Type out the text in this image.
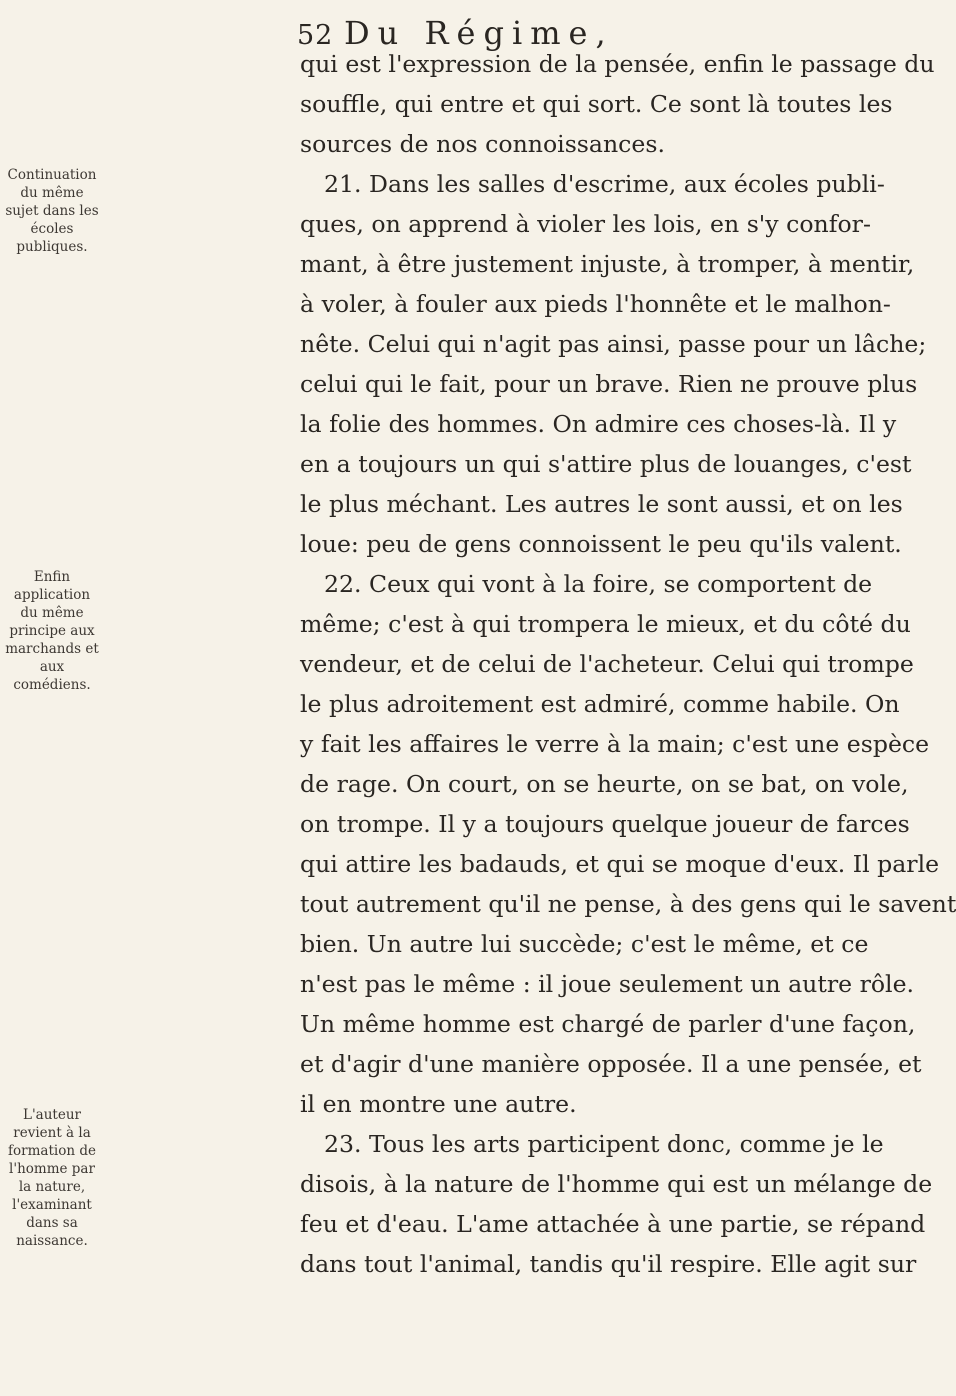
52 Du Régime,
Continuation du même sujet dans les écoles publiques.
Enfin application du même principe aux marchands et aux comédiens.
L'auteur revient à la formation de l'homme par la nature, l'examinant dans sa naissance.
qui est l'expression de la pensée, enfin le passage du
souffle, qui entre et qui sort. Ce sont là toutes les
sources de nos connoissances.
21. Dans les salles d'escrime, aux écoles publi-
ques, on apprend à violer les lois, en s'y confor-
mant, à être justement injuste, à tromper, à mentir,
à voler, à fouler aux pieds l'honnête et le malhon-
nête. Celui qui n'agit pas ainsi, passe pour un lâche;
celui qui le fait, pour un brave. Rien ne prouve plus
la folie des hommes. On admire ces choses-là. Il y
en a toujours un qui s'attire plus de louanges, c'est
le plus méchant. Les autres le sont aussi, et on les
loue: peu de gens connoissent le peu qu'ils valent.
22. Ceux qui vont à la foire, se comportent de
même; c'est à qui trompera le mieux, et du côté du
vendeur, et de celui de l'acheteur. Celui qui trompe
le plus adroitement est admiré, comme habile. On
y fait les affaires le verre à la main; c'est une espèce
de rage. On court, on se heurte, on se bat, on vole,
on trompe. Il y a toujours quelque joueur de farces
qui attire les badauds, et qui se moque d'eux. Il parle
tout autrement qu'il ne pense, à des gens qui le savent
bien. Un autre lui succède; c'est le même, et ce
n'est pas le même : il joue seulement un autre rôle.
Un même homme est chargé de parler d'une façon,
et d'agir d'une manière opposée. Il a une pensée, et
il en montre une autre.
23. Tous les arts participent donc, comme je le
disois, à la nature de l'homme qui est un mélange de
feu et d'eau. L'ame attachée à une partie, se répand
dans tout l'animal, tandis qu'il respire. Elle agit sur
